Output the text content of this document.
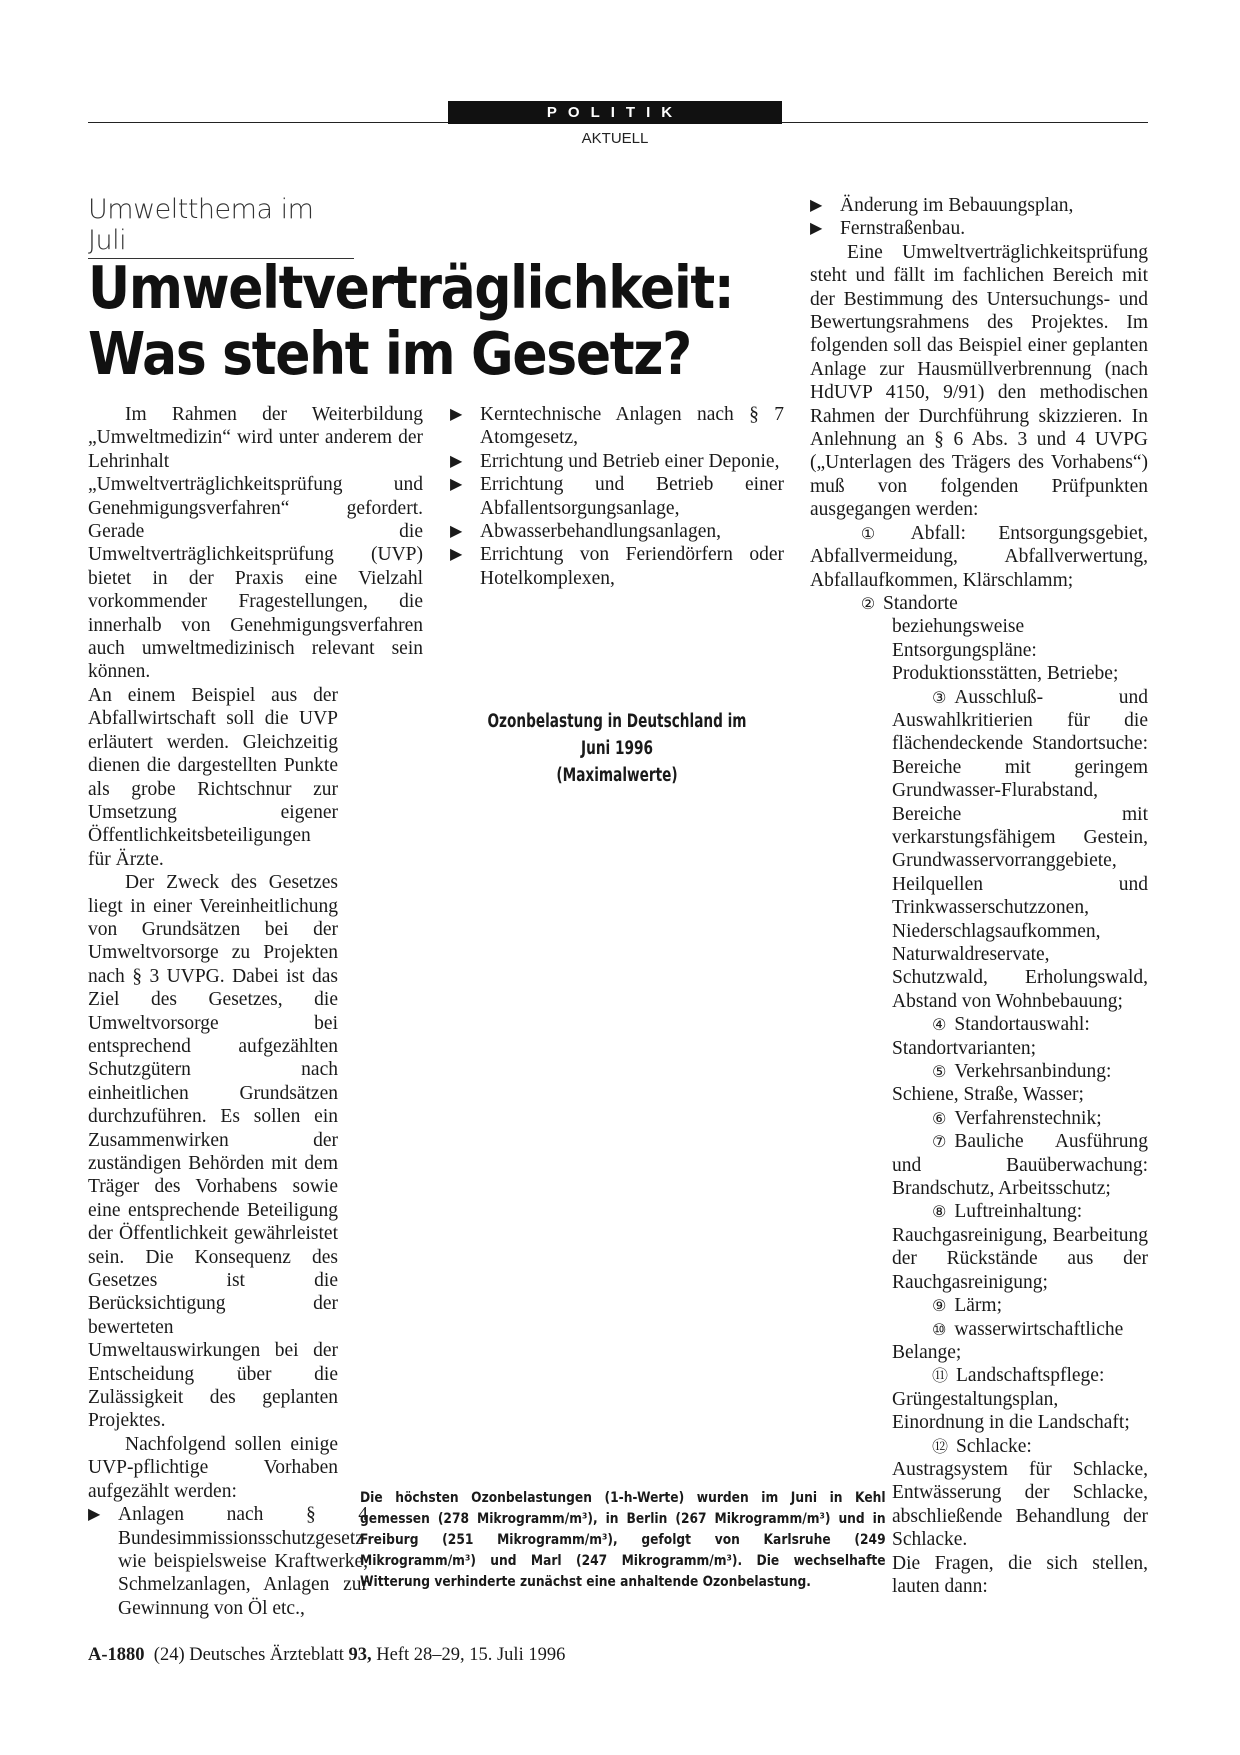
POLITIK
AKTUELL
Umweltthema im Juli
Umweltverträglichkeit:
Was steht im Gesetz?

Im Rahmen der Weiterbildung „Umweltmedizin“ wird unter anderem der Lehrinhalt „Umweltverträglichkeitsprüfung und Genehmigungsverfahren“ gefordert. Gerade die Umweltverträglichkeitsprüfung (UVP) bietet in der Praxis eine Vielzahl vorkommender Fragestellungen, die innerhalb von Genehmigungsverfahren auch umweltmedizinisch relevant sein können.

An einem Beispiel aus der Abfallwirtschaft soll die UVP erläutert werden. Gleichzeitig dienen die dargestellten Punkte als grobe Richtschnur zur Umsetzung eigener Öffentlichkeitsbeteiligungen für Ärzte.

Der Zweck des Gesetzes liegt in einer Vereinheitlichung von Grundsätzen bei der Umweltvorsorge zu Projekten nach § 3 UVPG. Dabei ist das Ziel des Gesetzes, die Umweltvorsorge bei entsprechend aufgezählten Schutzgütern nach einheitlichen Grundsätzen durchzuführen. Es sollen ein Zusammenwirken der zuständigen Behörden mit dem Träger des Vorhabens sowie eine entsprechende Beteiligung der Öffentlichkeit gewährleistet sein. Die Konsequenz des Gesetzes ist die Berücksichtigung der bewerteten Umweltauswirkungen bei der Entscheidung über die Zulässigkeit des geplanten Projektes.

Nachfolgend sollen einige UVP-pflichtige Vorhaben aufgezählt werden:

▶ Anlagen nach § 4 Bundesimmissionsschutzgesetz wie beispielsweise Kraftwerke, Schmelzanlagen, Anlagen zur Gewinnung von Öl etc.,

▶ Kerntechnische Anlagen nach § 7 Atomgesetz,

▶ Errichtung und Betrieb einer Deponie,

▶ Errichtung und Betrieb einer Abfallentsorgungsanlage,

▶ Abwasserbehandlungsanlagen,

▶ Errichtung von Feriendörfern oder Hotelkomplexen,

Ozonbelastung in Deutschland im Juni 1996
(Maximalwerte)
Die höchsten Ozonbelastungen (1-h-Werte) wurden im Juni in Kehl gemessen (278 Mikrogramm/m³), in Berlin (267 Mikrogramm/m³) und in Freiburg (251 Mikrogramm/m³), gefolgt von Karlsruhe (249 Mikrogramm/m³) und Marl (247 Mikrogramm/m³). Die wechselhafte Witterung verhinderte zunächst eine anhaltende Ozonbelastung.

▶ Änderung im Bebauungsplan,

▶ Fernstraßenbau.

Eine Umweltverträglichkeitsprüfung steht und fällt im fachlichen Bereich mit der Bestimmung des Untersuchungs- und Bewertungsrahmens des Projektes. Im folgenden soll das Beispiel einer geplanten Anlage zur Hausmüllverbrennung (nach HdUVP 4150, 9/91) den methodischen Rahmen der Durchführung skizzieren. In Anlehnung an § 6 Abs. 3 und 4 UVPG („Unterlagen des Trägers des Vorhabens“) muß von folgenden Prüfpunkten ausgegangen werden:

① Abfall: Entsorgungsgebiet, Abfallvermeidung, Abfallverwertung, Abfallaufkommen, Klärschlamm;

② Standorte

beziehungsweise Entsorgungspläne: Produktionsstätten, Betriebe;

③ Ausschluß- und Auswahlkritierien für die flächendeckende Standortsuche: Bereiche mit geringem Grundwasser-Flurabstand, Bereiche mit verkarstungsfähigem Gestein, Grundwasservorranggebiete, Heilquellen und Trinkwasserschutzzonen, Niederschlagsaufkommen, Naturwaldreservate, Schutzwald, Erholungswald, Abstand von Wohnbebauung;

④ Standortauswahl: Standortvarianten;

⑤ Verkehrsanbindung: Schiene, Straße, Wasser;

⑥ Verfahrenstechnik;

⑦ Bauliche Ausführung und Bauüberwachung: Brandschutz, Arbeitsschutz;

⑧ Luftreinhaltung: Rauchgasreinigung, Bearbeitung der Rückstände aus der Rauchgasreinigung;

⑨ Lärm;

⑩ wasserwirtschaftliche Belange;

⑪ Landschaftspflege: Grüngestaltungsplan, Einordnung in die Landschaft;

⑫ Schlacke: Austragsystem für Schlacke, Entwässerung der Schlacke, abschließende Behandlung der Schlacke.

Die Fragen, die sich stellen, lauten dann:

A-1880 (24) Deutsches Ärzteblatt 93, Heft 28–29, 15. Juli 1996
